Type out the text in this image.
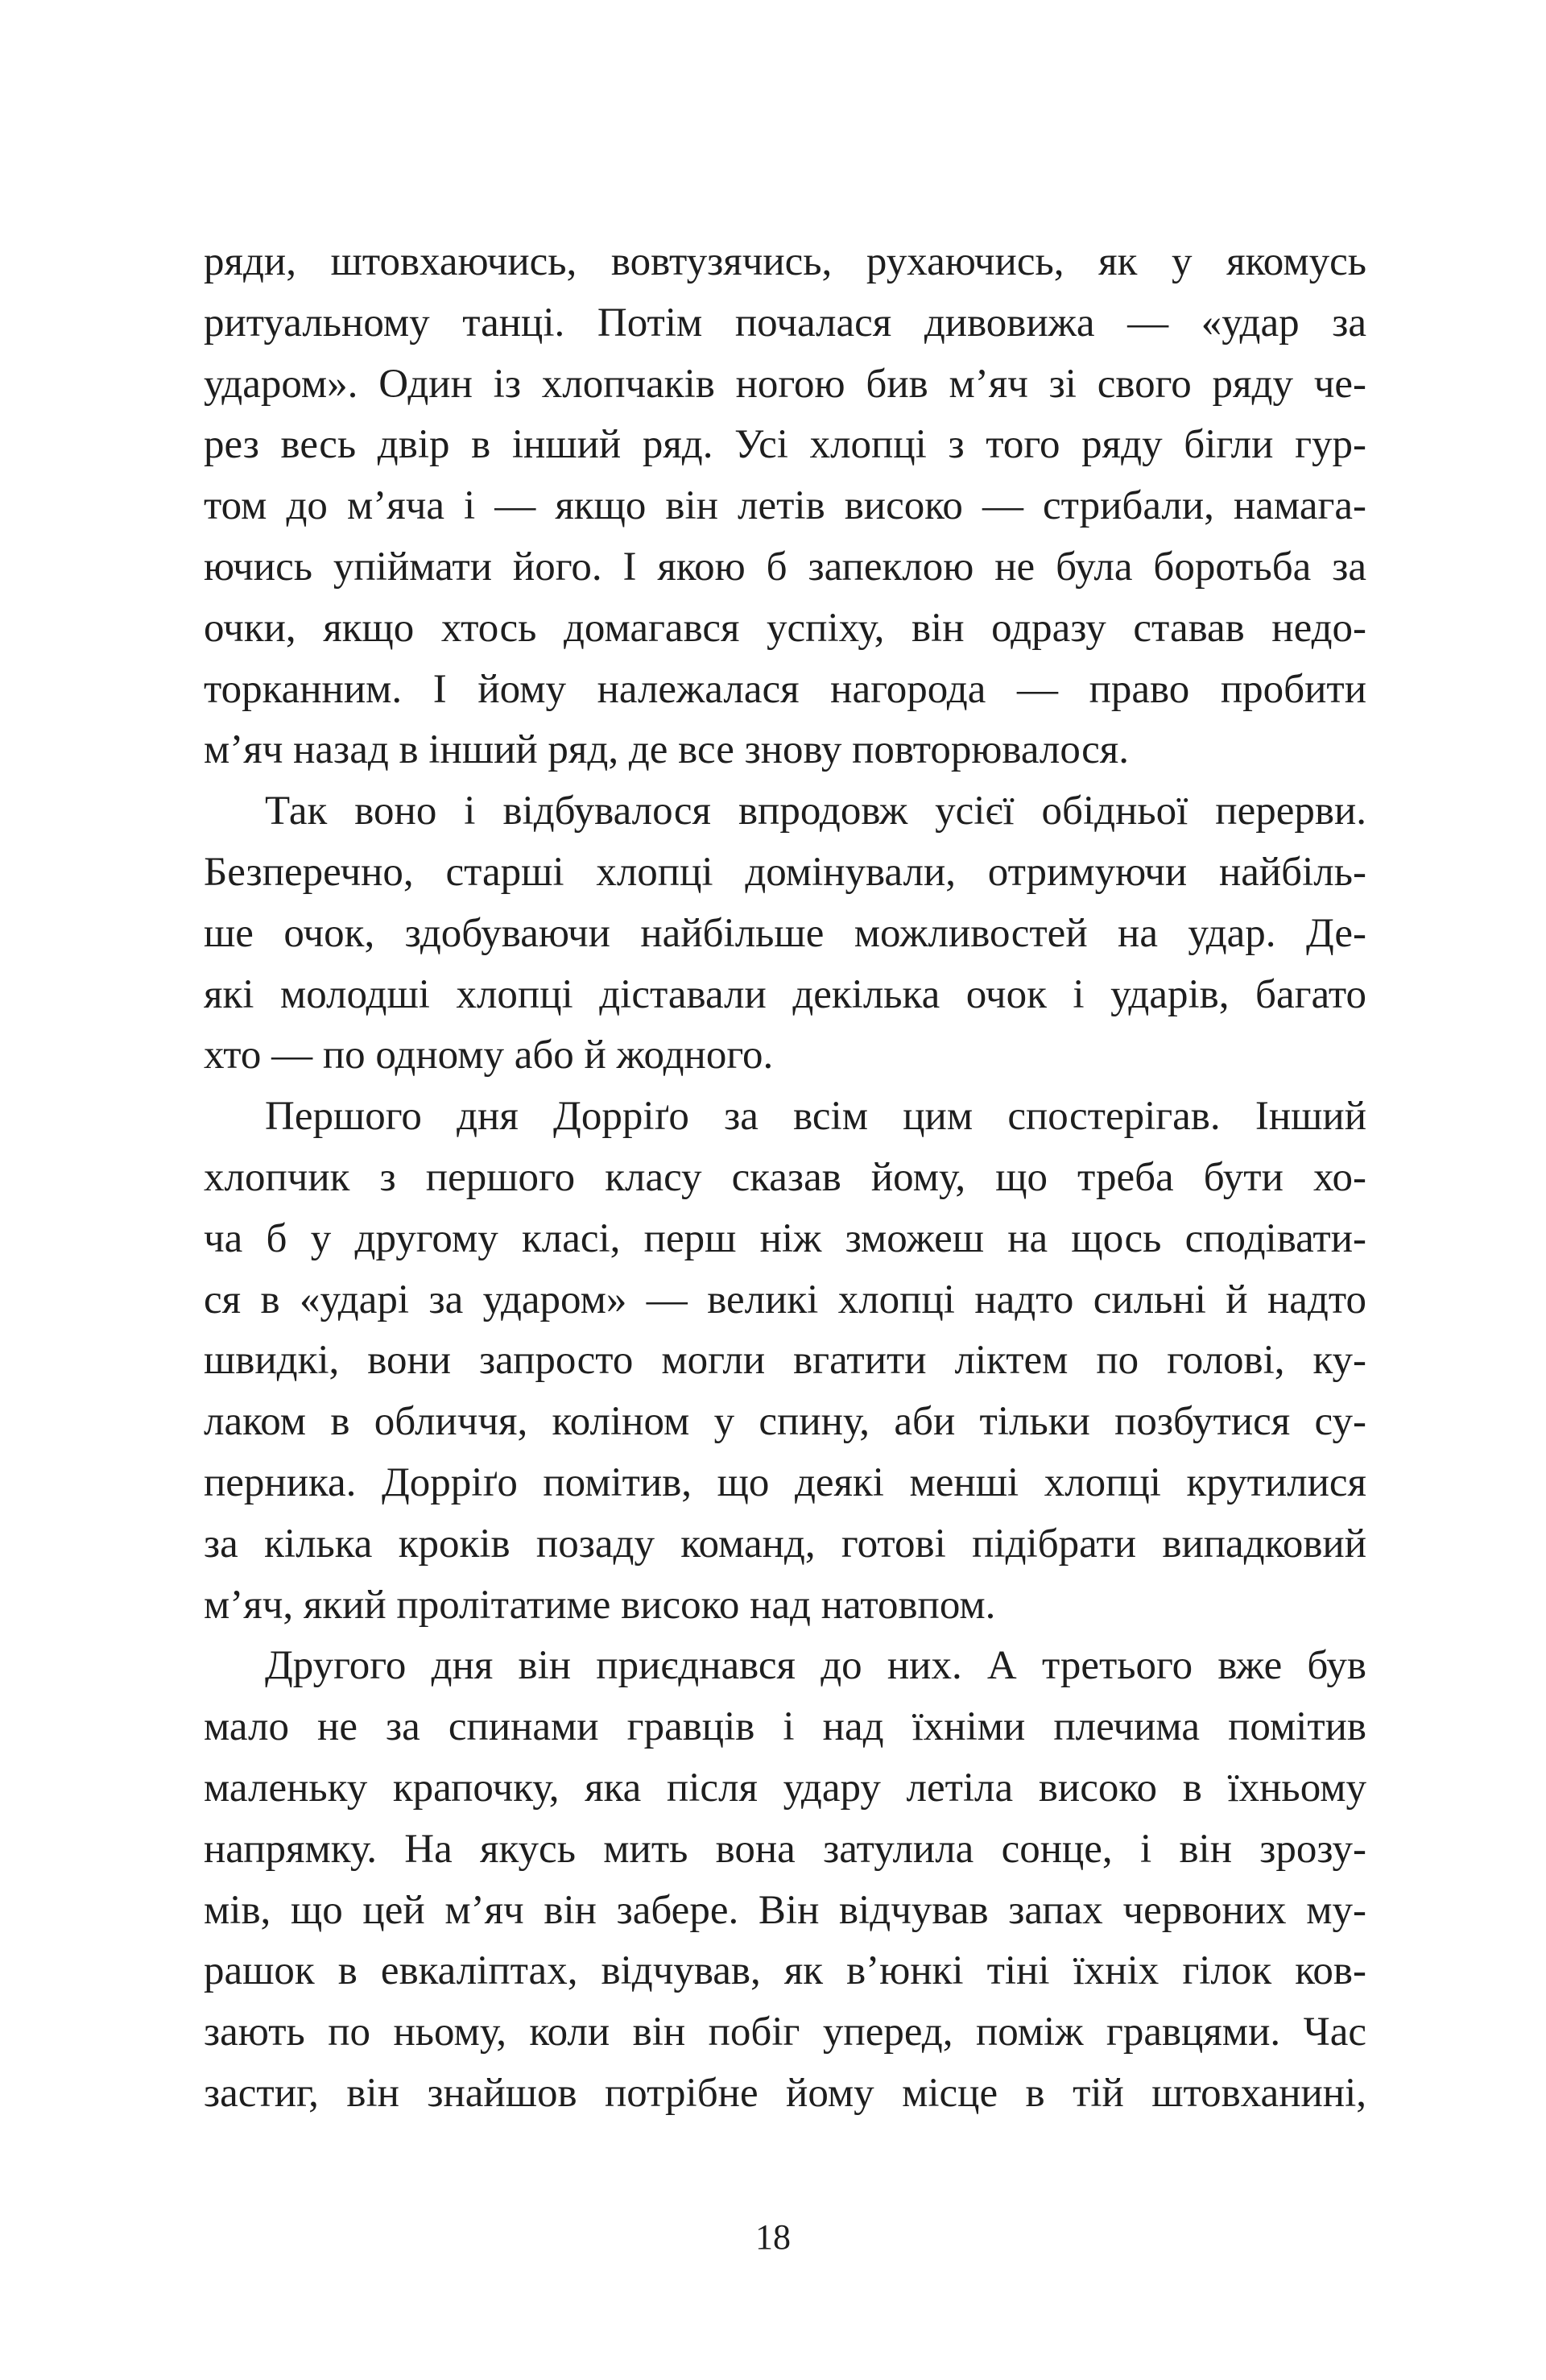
ряди, штовхаючись, вовтузячись, рухаючись, як у якомусь
ритуальному танці. Потім почалася дивовижа — «удар за
ударом». Один із хлопчаків ногою бив м’яч зі свого ряду че-
рез весь двір в інший ряд. Усі хлопці з того ряду бігли гур-
том до м’яча і — якщо він летів високо — стрибали, намага-
ючись упіймати його. І якою б запеклою не була боротьба за
очки, якщо хтось домагався успіху, він одразу ставав недо-
торканним. І йому належалася нагорода — право пробити
м’яч назад в інший ряд, де все знову повторювалося.
Так воно і відбувалося впродовж усієї обідньої перерви.
Безперечно, старші хлопці домінували, отримуючи найбіль-
ше очок, здобуваючи найбільше можливостей на удар. Де-
які молодші хлопці діставали декілька очок і ударів, багато
хто — по одному або й жодного.
Першого дня Дорріґо за всім цим спостерігав. Інший
хлопчик з першого класу сказав йому, що треба бути хо-
ча б у другому класі, перш ніж зможеш на щось сподівати-
ся в «ударі за ударом» — великі хлопці надто сильні й надто
швидкі, вони запросто могли вгатити ліктем по голові, ку-
лаком в обличчя, коліном у спину, аби тільки позбутися су-
перника. Дорріґо помітив, що деякі менші хлопці крутилися
за кілька кроків позаду команд, готові підібрати випадковий
м’яч, який пролітатиме високо над натовпом.
Другого дня він приєднався до них. А третього вже був
мало не за спинами гравців і над їхніми плечима помітив
маленьку крапочку, яка після удару летіла високо в їхньому
напрямку. На якусь мить вона затулила сонце, і він зрозу-
мів, що цей м’яч він забере. Він відчував запах червоних му-
рашок в евкаліптах, відчував, як в’юнкі тіні їхніх гілок ков-
зають по ньому, коли він побіг уперед, поміж гравцями. Час
застиг, він знайшов потрібне йому місце в тій штовханині,
18
